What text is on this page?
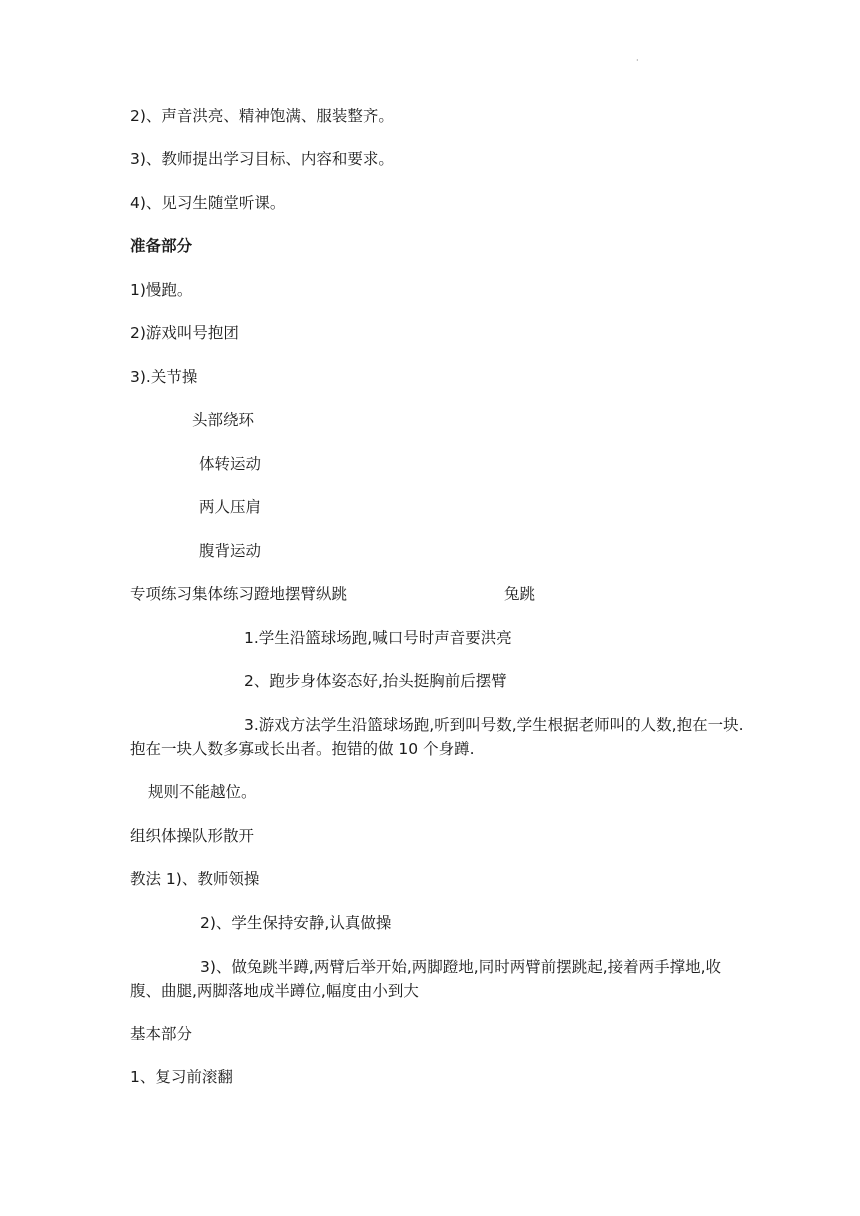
·
2)、声音洪亮、精神饱满、服装整齐。
3)、教师提出学习目标、内容和要求。
4)、见习生随堂听课。
准备部分
1)慢跑。
2)游戏叫号抱团
3).关节操
头部绕环
体转运动
两人压肩
腹背运动
专项练习集体练习蹬地摆臂纵跳	兔跳
1.学生沿篮球场跑,喊口号时声音要洪亮
2、跑步身体姿态好,抬头挺胸前后摆臂
3.游戏方法学生沿篮球场跑,听到叫号数,学生根据老师叫的人数,抱在一块.抱在一块人数多寡或长出者。抱错的做 10 个身蹲.
规则不能越位。
组织体操队形散开
教法 1)、教师领操
2)、学生保持安静,认真做操
3)、做兔跳半蹲,两臂后举开始,两脚蹬地,同时两臂前摆跳起,接着两手撑地,收腹、曲腿,两脚落地成半蹲位,幅度由小到大
基本部分
1、复习前滚翻
